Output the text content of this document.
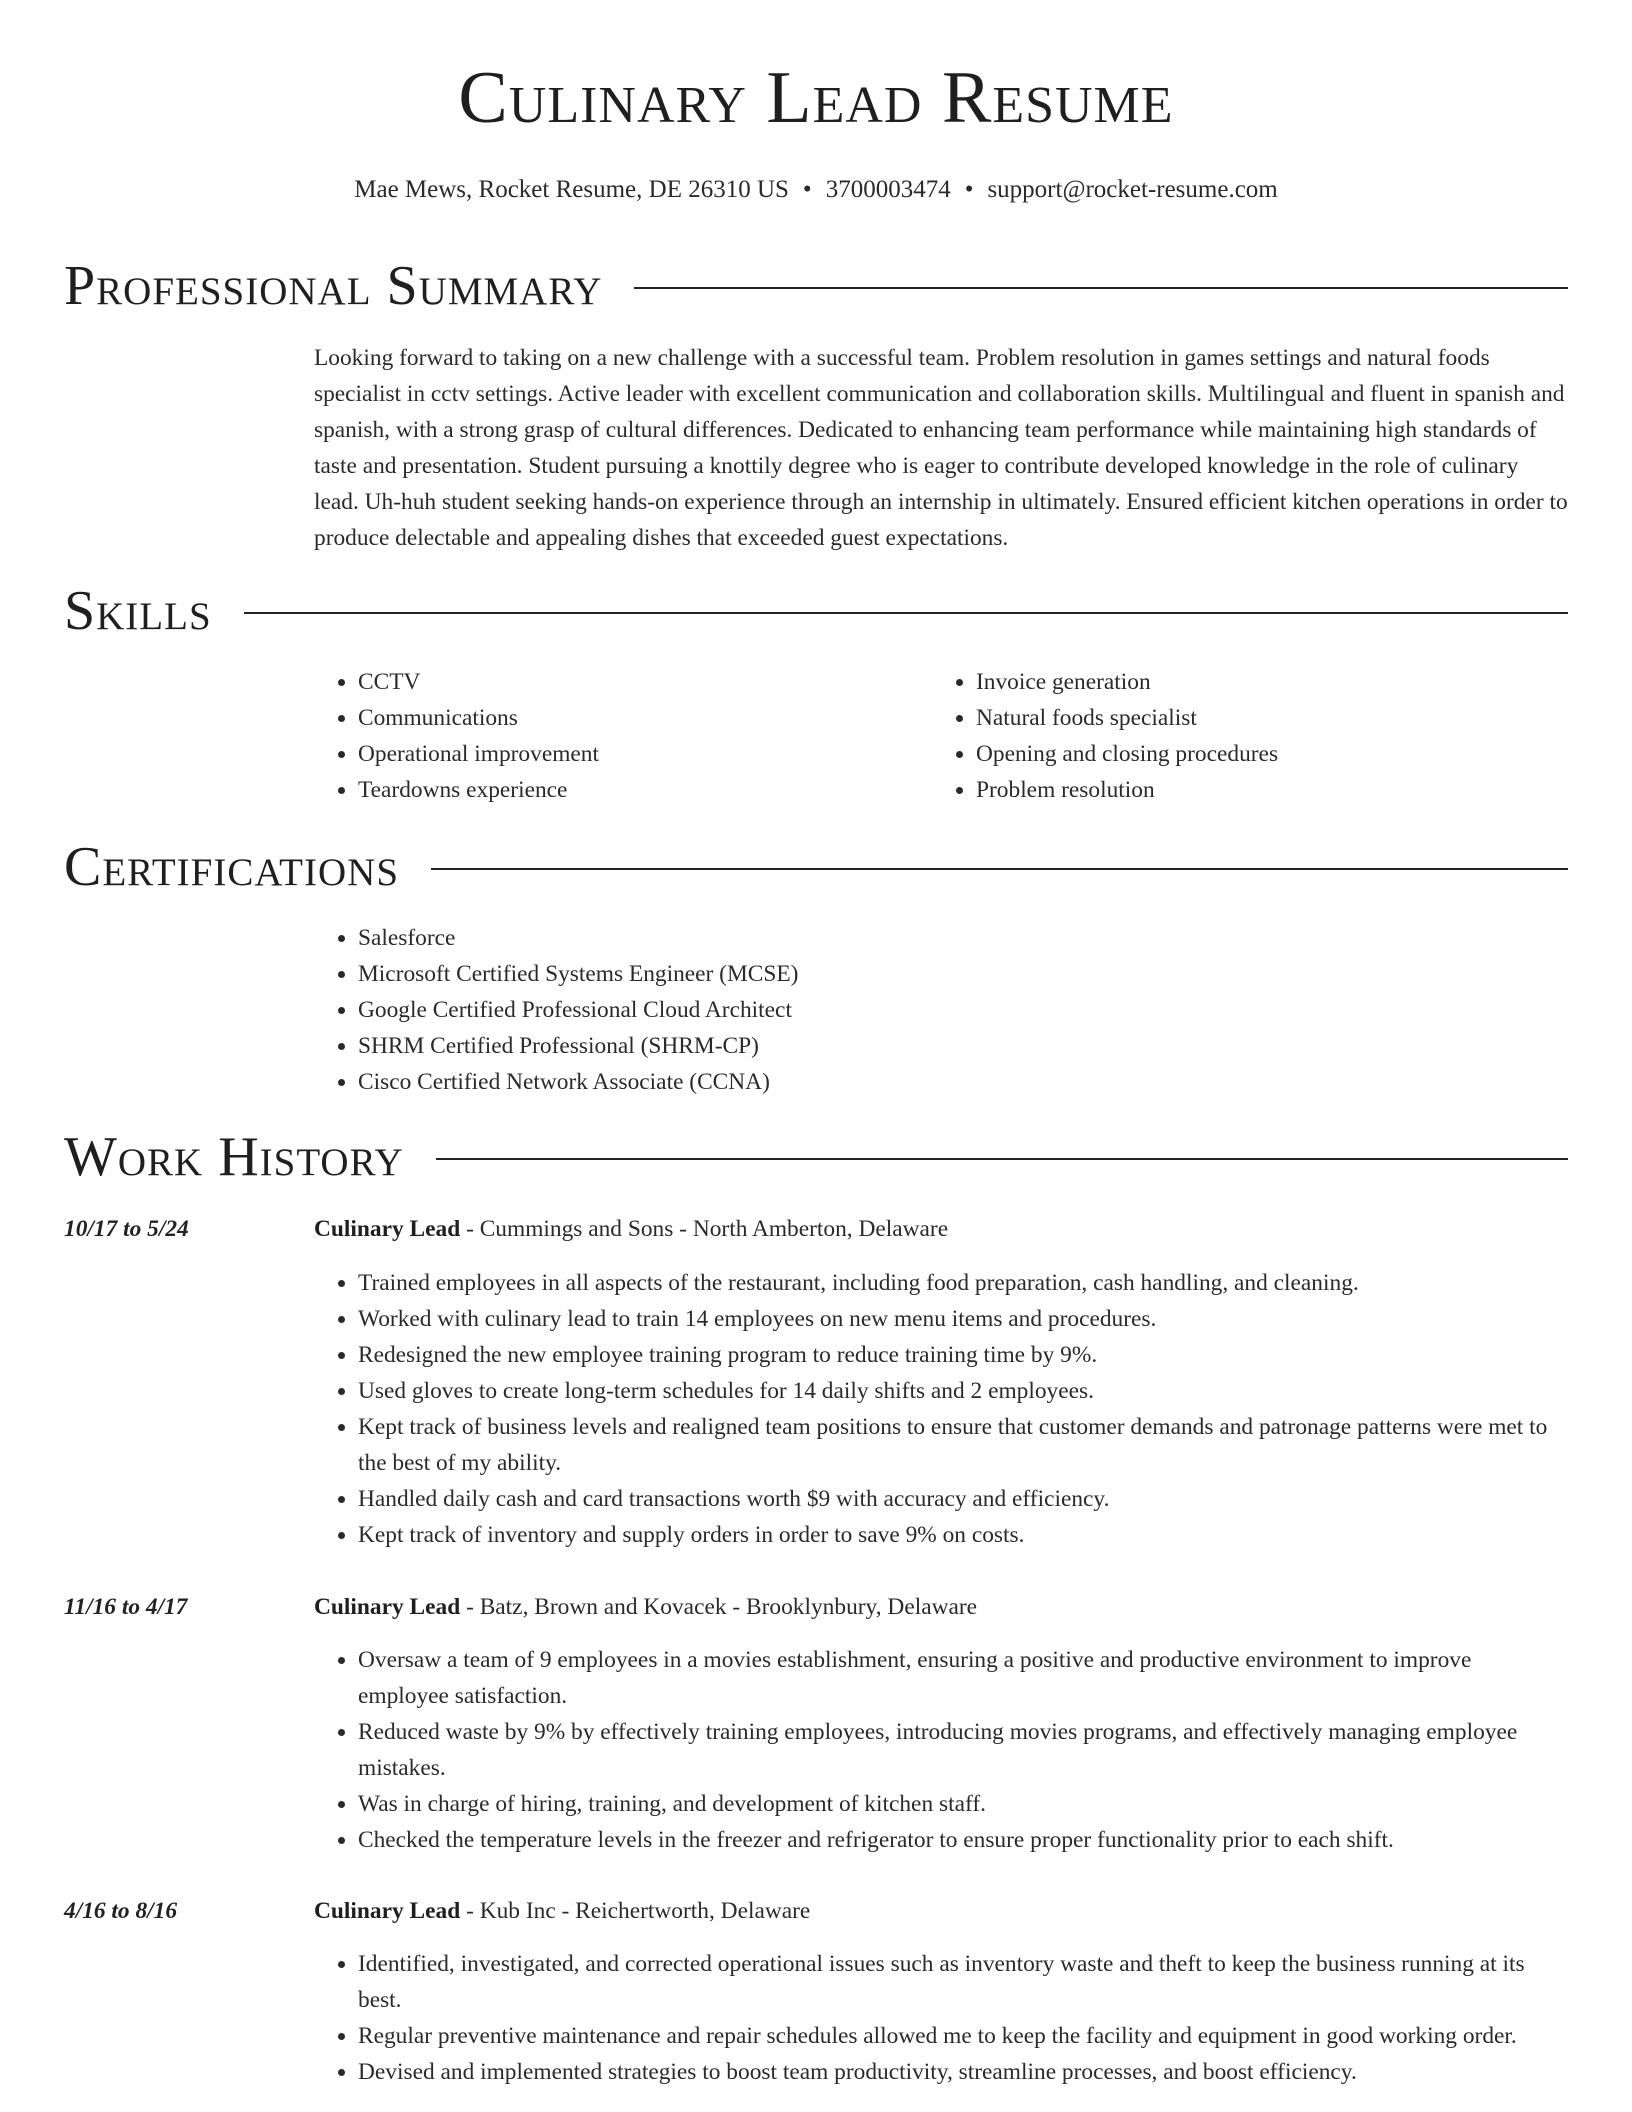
Culinary Lead Resume
Mae Mews, Rocket Resume, DE 26310 US • 3700003474 • support@rocket-resume.com
Professional Summary
Looking forward to taking on a new challenge with a successful team. Problem resolution in games settings and natural foods specialist in cctv settings. Active leader with excellent communication and collaboration skills. Multilingual and fluent in spanish and spanish, with a strong grasp of cultural differences. Dedicated to enhancing team performance while maintaining high standards of taste and presentation. Student pursuing a knottily degree who is eager to contribute developed knowledge in the role of culinary lead. Uh-huh student seeking hands-on experience through an internship in ultimately. Ensured efficient kitchen operations in order to produce delectable and appealing dishes that exceeded guest expectations.
Skills
• CCTV
• Communications
• Operational improvement
• Teardowns experience
• Invoice generation
• Natural foods specialist
• Opening and closing procedures
• Problem resolution
Certifications
• Salesforce
• Microsoft Certified Systems Engineer (MCSE)
• Google Certified Professional Cloud Architect
• SHRM Certified Professional (SHRM-CP)
• Cisco Certified Network Associate (CCNA)
Work History
10/17 to 5/24	Culinary Lead - Cummings and Sons - North Amberton, Delaware
• Trained employees in all aspects of the restaurant, including food preparation, cash handling, and cleaning.
• Worked with culinary lead to train 14 employees on new menu items and procedures.
• Redesigned the new employee training program to reduce training time by 9%.
• Used gloves to create long-term schedules for 14 daily shifts and 2 employees.
• Kept track of business levels and realigned team positions to ensure that customer demands and patronage patterns were met to the best of my ability.
• Handled daily cash and card transactions worth $9 with accuracy and efficiency.
• Kept track of inventory and supply orders in order to save 9% on costs.
11/16 to 4/17	Culinary Lead - Batz, Brown and Kovacek - Brooklynbury, Delaware
• Oversaw a team of 9 employees in a movies establishment, ensuring a positive and productive environment to improve employee satisfaction.
• Reduced waste by 9% by effectively training employees, introducing movies programs, and effectively managing employee mistakes.
• Was in charge of hiring, training, and development of kitchen staff.
• Checked the temperature levels in the freezer and refrigerator to ensure proper functionality prior to each shift.
4/16 to 8/16	Culinary Lead - Kub Inc - Reichertworth, Delaware
• Identified, investigated, and corrected operational issues such as inventory waste and theft to keep the business running at its best.
• Regular preventive maintenance and repair schedules allowed me to keep the facility and equipment in good working order.
• Devised and implemented strategies to boost team productivity, streamline processes, and boost efficiency.
